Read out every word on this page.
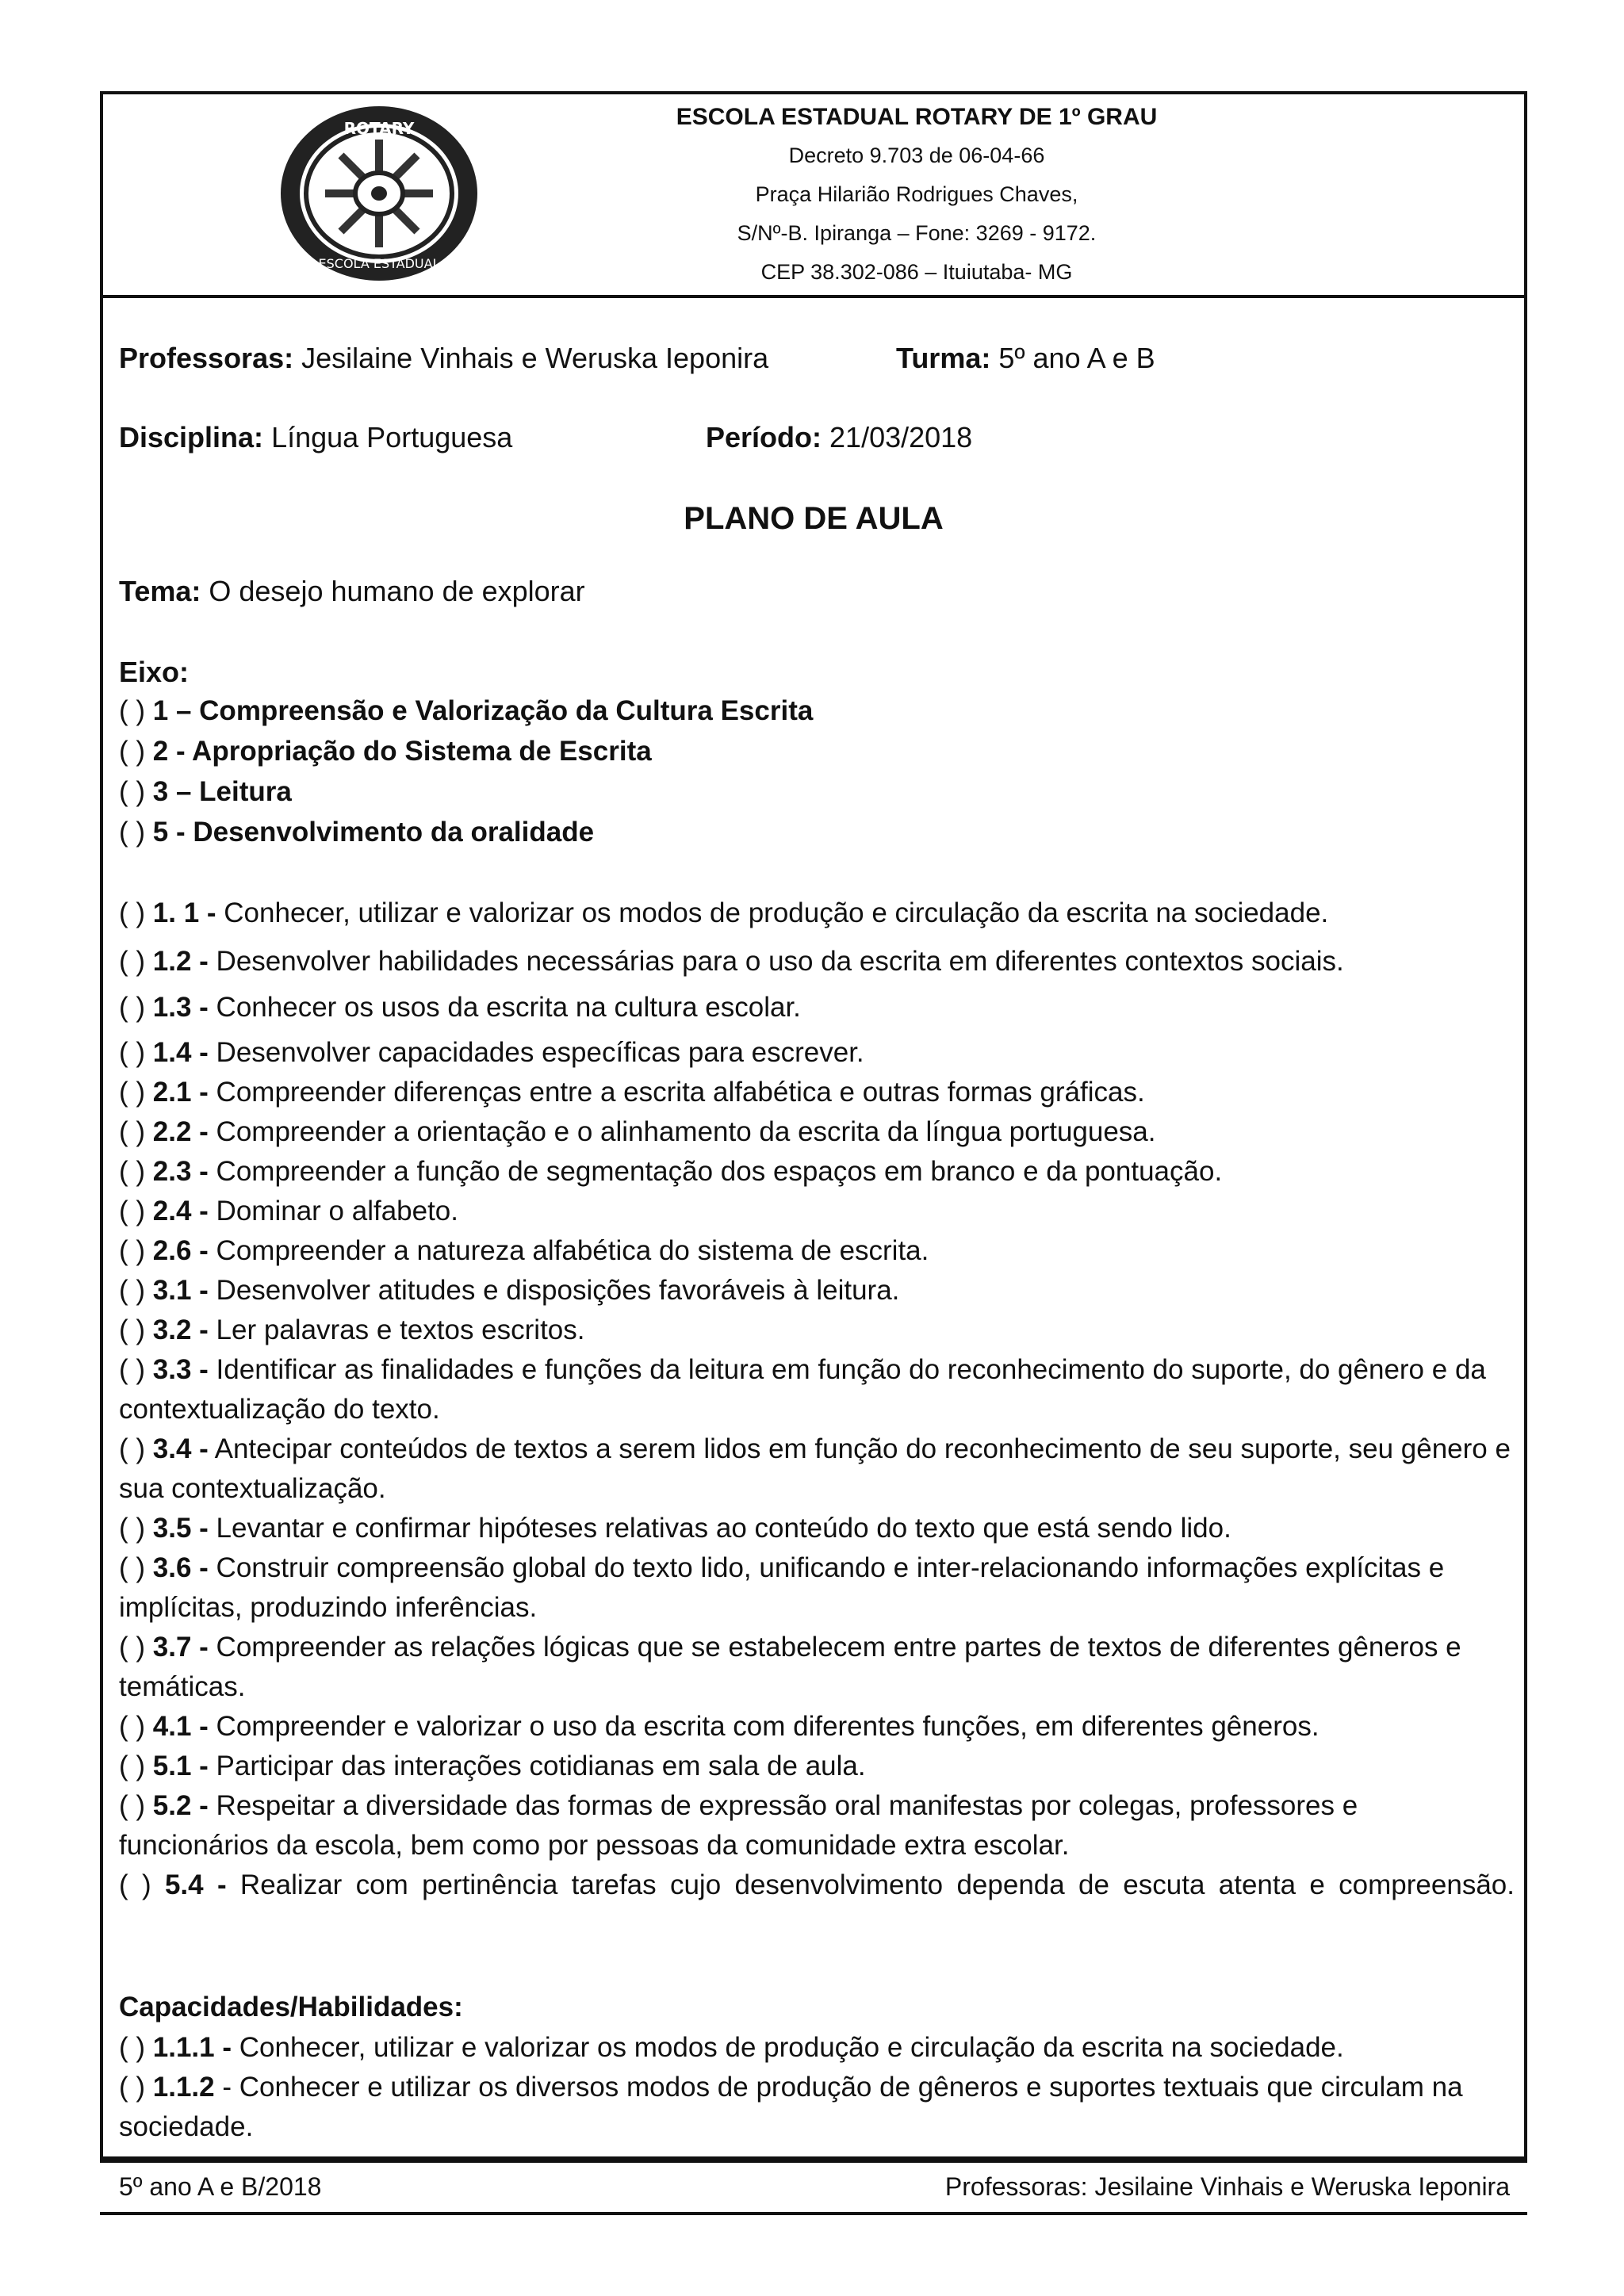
ROTARY
ESCOLA ESTADUAL
ESCOLA ESTADUAL ROTARY DE 1º GRAU
Decreto 9.703 de 06-04-66
Praça Hilarião Rodrigues Chaves,
S/Nº-B. Ipiranga – Fone: 3269 - 9172.
CEP 38.302-086 – Ituiutaba- MG
Professoras: Jesilaine Vinhais e Weruska Ieponira	Turma: 5º ano A e B
Disciplina: Língua Portuguesa	Período: 21/03/2018
PLANO DE AULA
Tema: O desejo humano de explorar
Eixo:
( ) 1 – Compreensão e Valorização da Cultura Escrita
( ) 2 - Apropriação do Sistema de Escrita
( ) 3 – Leitura
( ) 5 - Desenvolvimento da oralidade
( ) 1. 1 - Conhecer, utilizar e valorizar os modos de produção e circulação da escrita na sociedade.
( ) 1.2 - Desenvolver habilidades necessárias para o uso da escrita em diferentes contextos sociais.
( ) 1.3 - Conhecer os usos da escrita na cultura escolar.
( ) 1.4 - Desenvolver capacidades específicas para escrever.
( ) 2.1 - Compreender diferenças entre a escrita alfabética e outras formas gráficas.
( ) 2.2 - Compreender a orientação e o alinhamento da escrita da língua portuguesa.
( ) 2.3 - Compreender a função de segmentação dos espaços em branco e da pontuação.
( ) 2.4 - Dominar o alfabeto.
( ) 2.6 - Compreender a natureza alfabética do sistema de escrita.
( ) 3.1 - Desenvolver atitudes e disposições favoráveis à leitura.
( ) 3.2 - Ler palavras e textos escritos.
( ) 3.3 - Identificar as finalidades e funções da leitura em função do reconhecimento do suporte, do gênero e da contextualização do texto.
( ) 3.4 - Antecipar conteúdos de textos a serem lidos em função do reconhecimento de seu suporte, seu gênero e sua contextualização.
( ) 3.5 - Levantar e confirmar hipóteses relativas ao conteúdo do texto que está sendo lido.
( ) 3.6 - Construir compreensão global do texto lido, unificando e inter-relacionando informações explícitas e implícitas, produzindo inferências.
( ) 3.7 - Compreender as relações lógicas que se estabelecem entre partes de textos de diferentes gêneros e temáticas.
( ) 4.1 - Compreender e valorizar o uso da escrita com diferentes funções, em diferentes gêneros.
( ) 5.1 - Participar das interações cotidianas em sala de aula.
( ) 5.2 - Respeitar a diversidade das formas de expressão oral manifestas por colegas, professores e funcionários da escola, bem como por pessoas da comunidade extra escolar.
( ) 5.4 - Realizar com pertinência tarefas cujo desenvolvimento dependa de escuta atenta e compreensão.
Capacidades/Habilidades:
( ) 1.1.1 - Conhecer, utilizar e valorizar os modos de produção e circulação da escrita na sociedade.
( ) 1.1.2 - Conhecer e utilizar os diversos modos de produção de gêneros e suportes textuais que circulam na sociedade.
5º ano A e B/2018	Professoras: Jesilaine Vinhais e Weruska Ieponira
